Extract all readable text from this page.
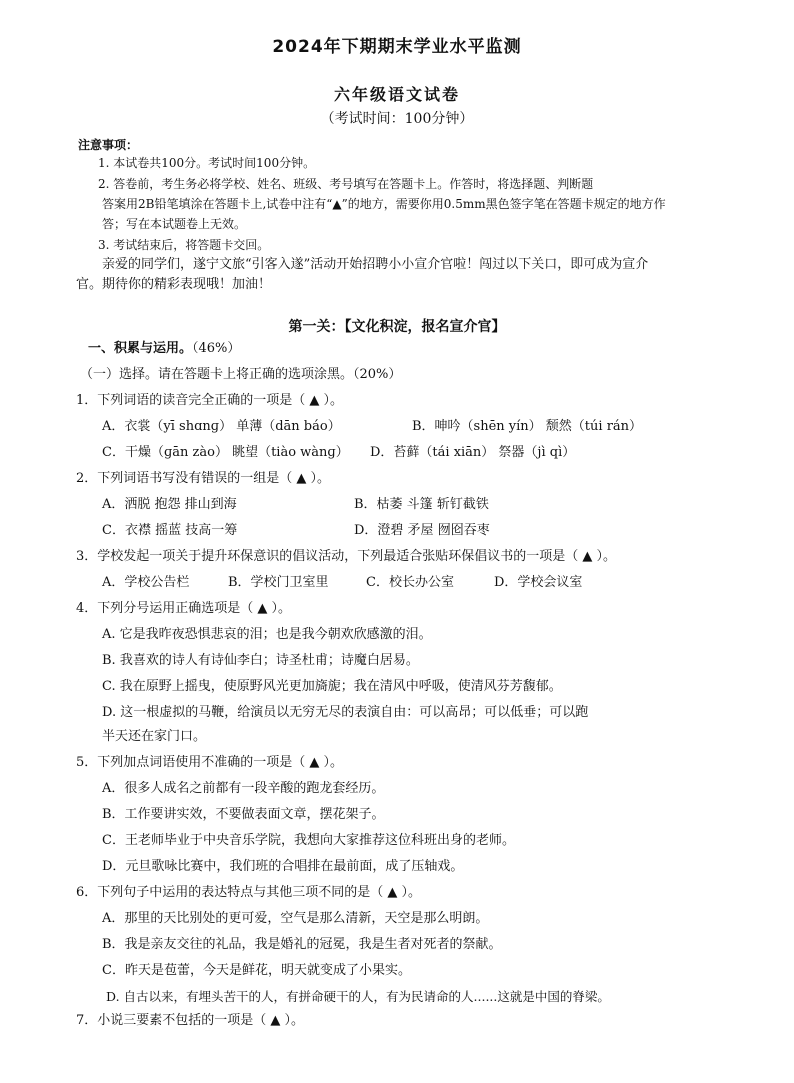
2024年下期期末学业水平监测
六年级语文试卷
（考试时间：100分钟）
注意事项：
1. 本试卷共100分。考试时间100分钟。
2. 答卷前，考生务必将学校、姓名、班级、考号填写在答题卡上。作答时，将选择题、判断题
答案用2B铅笔填涂在答题卡上,试卷中注有“▲”的地方，需要你用0.5mm黑色签字笔在答题卡规定的地方作
答；写在本试题卷上无效。
3. 考试结束后，将答题卡交回。
亲爱的同学们，遂宁文旅“引客入遂”活动开始招聘小小宣介官啦！闯过以下关口，即可成为宣介
官。期待你的精彩表现哦！加油！
第一关：【文化积淀，报名宣介官】
一、积累与运用。（46%）
（一）选择。请在答题卡上将正确的选项涂黑。（20%）
1．下列词语的读音完全正确的一项是（ ▲ ）。
A．衣裳（yī shɑnɡ） 单薄（dān báo）	B．呻吟（shēn yín） 颓然（túi rán）
C．干燥（ɡān zào） 眺望（tiào wànɡ） D．苔藓（tái xiān） 祭器（jì qì）
2．下列词语书写没有错误的一组是（ ▲ ）。
A．洒脱 抱怨 排山到海	B．枯萎 斗篷 斩钉截铁
C．衣襟 摇蓝 技高一筹	D．澄碧 矛屋 囫囵吞枣
3．学校发起一项关于提升环保意识的倡议活动，下列最适合张贴环保倡议书的一项是（ ▲ ）。
A．学校公告栏	B．学校门卫室里	C．校长办公室	D．学校会议室
4．下列分号运用正确选项是（ ▲ ）。
A. 它是我昨夜恐惧悲哀的泪；也是我今朝欢欣感激的泪。
B. 我喜欢的诗人有诗仙李白；诗圣杜甫；诗魔白居易。
C. 我在原野上摇曳，使原野风光更加旖旎；我在清风中呼吸，使清风芬芳馥郁。
D. 这一根虚拟的马鞭，给演员以无穷无尽的表演自由：可以高昂；可以低垂；可以跑
半天还在家门口。
5．下列加点词语使用不准确的一项是（ ▲ ）。
A．很多人成名之前都有一段辛酸的跑龙套经历。
B．工作要讲实效，不要做表面文章，摆花架子。
C．王老师毕业于中央音乐学院，我想向大家推荐这位科班出身的老师。
D．元旦歌咏比赛中，我们班的合唱排在最前面，成了压轴戏。
6．下列句子中运用的表达特点与其他三项不同的是（ ▲ ）。
A．那里的天比别处的更可爱，空气是那么清新，天空是那么明朗。
B．我是亲友交往的礼品，我是婚礼的冠冕，我是生者对死者的祭献。
C．昨天是苞蕾，今天是鲜花，明天就变成了小果实。
D. 自古以来，有埋头苦干的人，有拼命硬干的人，有为民请命的人......这就是中国的脊梁。
7．小说三要素不包括的一项是（ ▲ ）。
